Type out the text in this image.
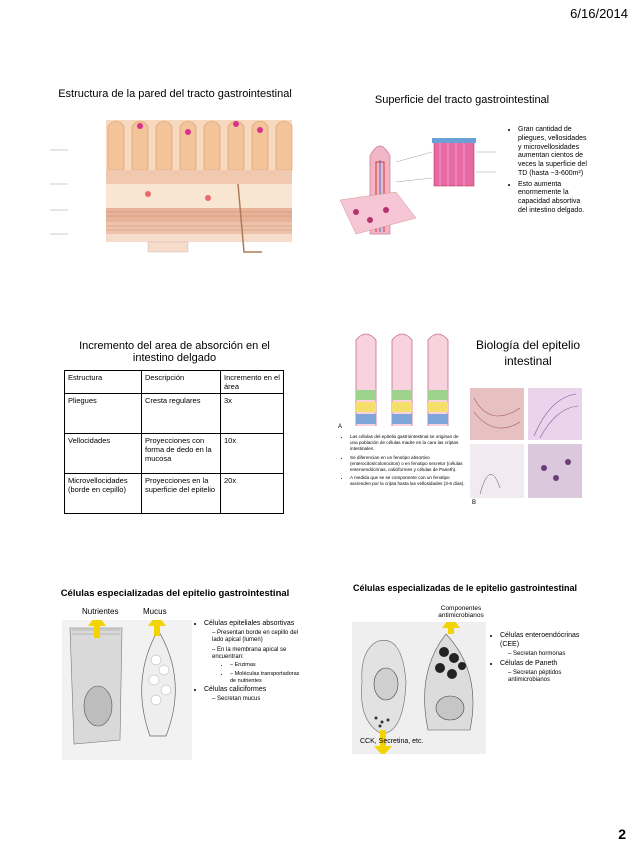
6/16/2014
Estructura de la pared del tracto gastrointestinal	Superficie del tracto gastrointestinal
• Gran cantidad de pliegues, vellosidades y microvellosidades aumentan cientos de veces la superficie del TD (hasta ~3-600m²)
• Esto aumenta enormemente la capacidad absortiva del intestino delgado.
Incremento del area de absorción en el intestino delgado
Estructura	Descripción	Incremento en el área
Pliegues	Cresta regulares	3x
Vellocidades	Proyecciones con forma de dedo en la mucosa	10x
Microvellocidades (borde en cepillo)	Proyecciones en la superficie del epitelio	20x
A
Biología del epitelio intestinal
B
• Las células del epitelio gastrointestinal se originan de una población de células madre en la cara las criptas intestinales.
• Se diferencian en un fenotipo absortivo (enterocitos/colonocitos) o en fenotipo secretor (células enteroendócrinas, caliciformes y células de Paneth).
• A medida que se se componente con un fenotipo ascienden por la cripta hasta las vellosidades (3-6 días).
Células especializadas del epitelio gastrointestinal
Nutrientes	Mucus
• Células epiteliales absortivas
– Presentan borde en cepillo del lado apical (lumen)
– En la membrana apical se encuentran:
– • Enzimas
– • Moléculas transportadoras de nutrientes
• Células caliciformes
– Secretan mucus
Células especializadas de le epitelio gastrointestinal
Componentes antimicrobianos
CCK, Secretina, etc.
• Células enteroendócrinas (CEE)
– Secretan hormonas
• Células de Paneth
– Secretan péptidos antimicrobianos
2
